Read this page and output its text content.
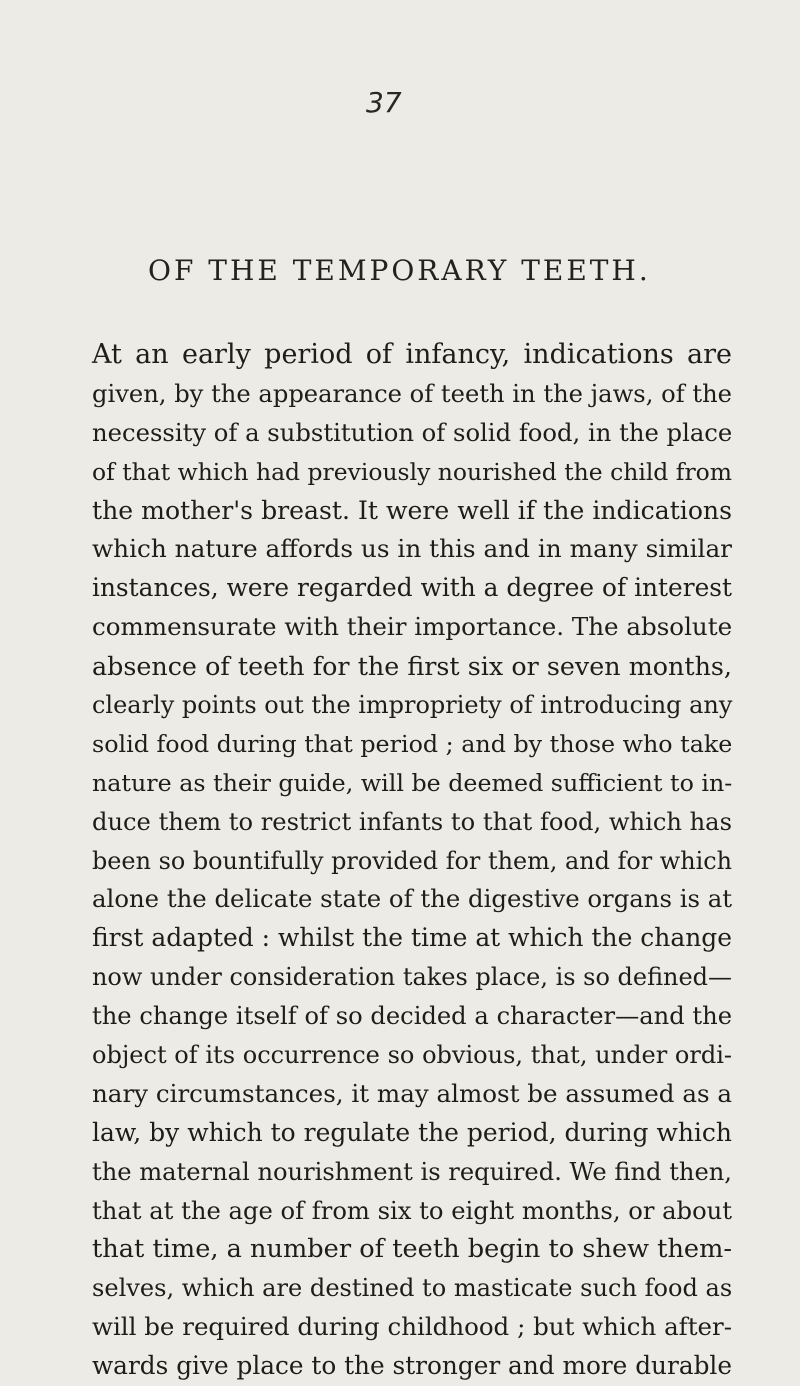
37
OF THE TEMPORARY TEETH.
At an early period of infancy, indications are
given, by the appearance of teeth in the jaws, of the
necessity of a substitution of solid food, in the place
of that which had previously nourished the child from
the mother's breast. It were well if the indications
which nature affords us in this and in many similar
instances, were regarded with a degree of interest
commensurate with their importance. The absolute
absence of teeth for the first six or seven months,
clearly points out the impropriety of introducing any
solid food during that period ; and by those who take
nature as their guide, will be deemed sufficient to in-
duce them to restrict infants to that food, which has
been so bountifully provided for them, and for which
alone the delicate state of the digestive organs is at
first adapted : whilst the time at which the change
now under consideration takes place, is so defined—
the change itself of so decided a character—and the
object of its occurrence so obvious, that, under ordi-
nary circumstances, it may almost be assumed as a
law, by which to regulate the period, during which
the maternal nourishment is required. We find then,
that at the age of from six to eight months, or about
that time, a number of teeth begin to shew them-
selves, which are destined to masticate such food as
will be required during childhood ; but which after-
wards give place to the stronger and more durable
